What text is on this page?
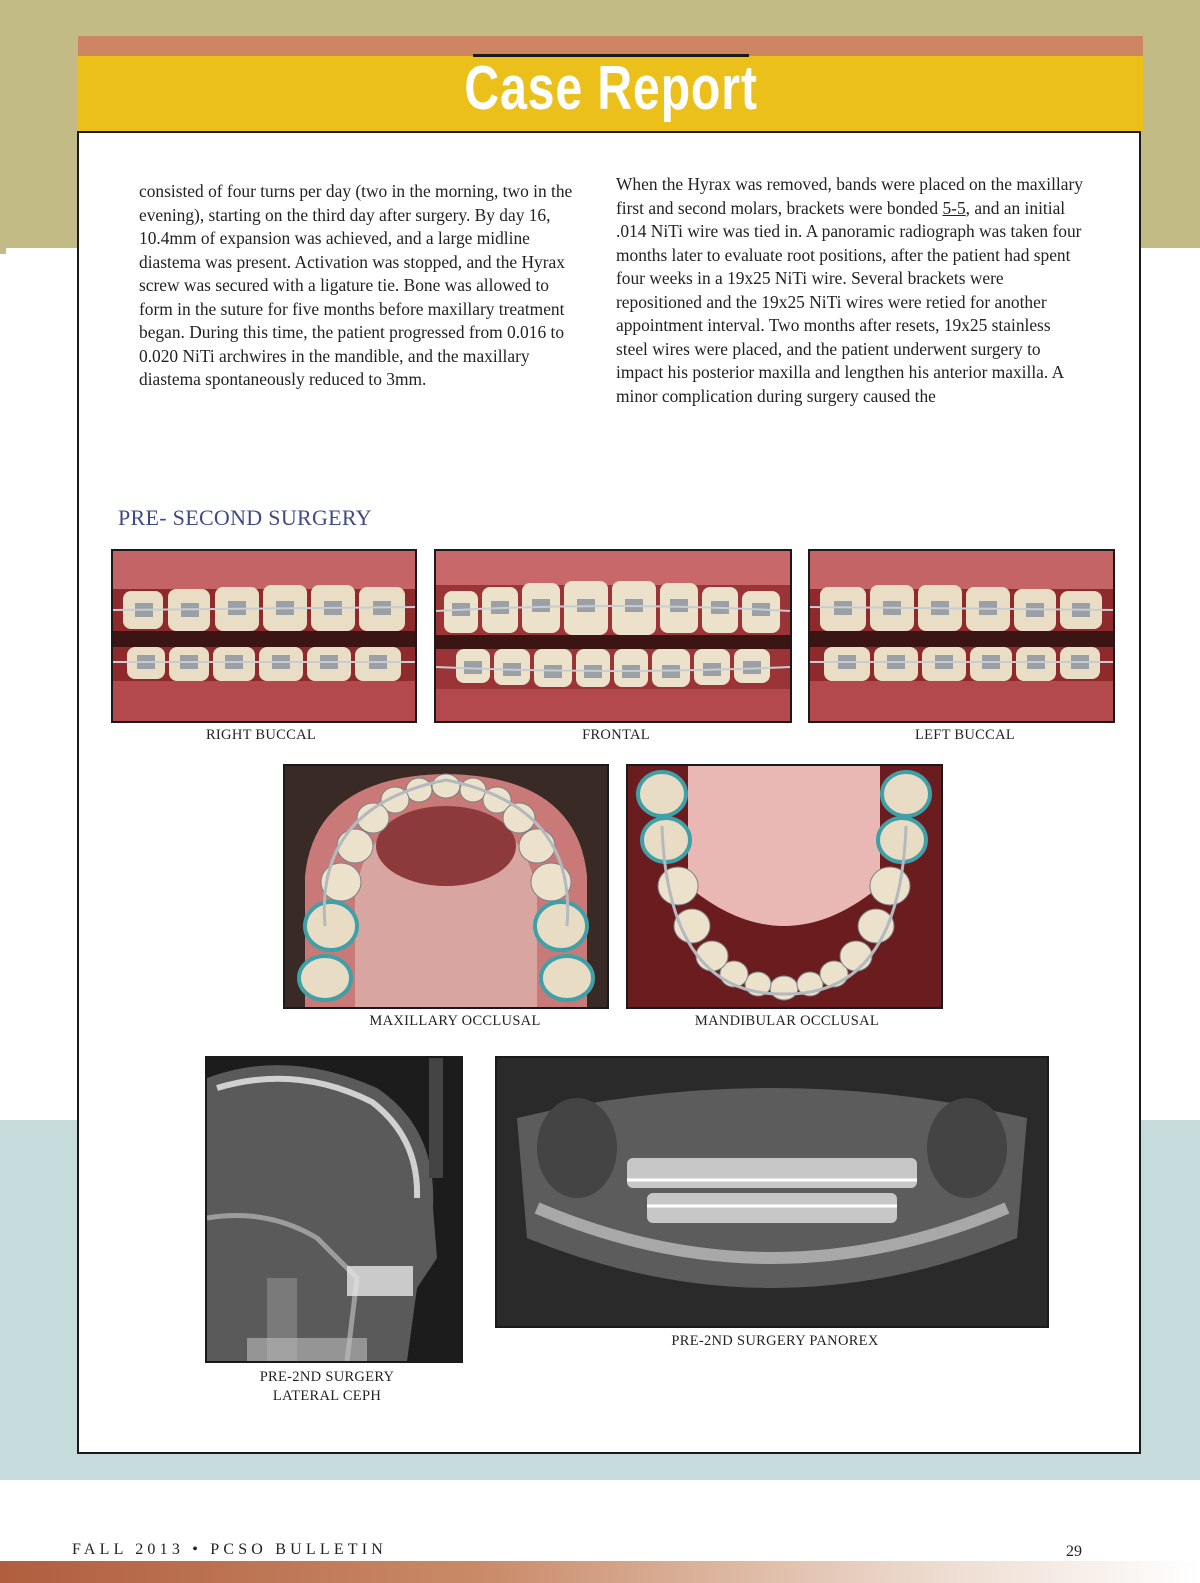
Case Report

consisted of four turns per day (two in the morning, two in the evening), starting on the third day after surgery. By day 16, 10.4mm of expansion was achieved, and a large midline diastema was present. Activation was stopped, and the Hyrax screw was secured with a ligature tie. Bone was allowed to form in the suture for five months before maxillary treatment began. During this time, the patient progressed from 0.016 to 0.020 NiTi archwires in the mandible, and the maxillary diastema spontaneously reduced to 3mm.

When the Hyrax was removed, bands were placed on the maxillary first and second molars, brackets were bonded 5-5, and an initial .014 NiTi wire was tied in. A panoramic radiograph was taken four months later to evaluate root positions, after the patient had spent four weeks in a 19x25 NiTi wire. Several brackets were repositioned and the 19x25 NiTi wires were retied for another appointment interval. Two months after resets, 19x25 stainless steel wires were placed, and the patient underwent surgery to impact his posterior maxilla and lengthen his anterior maxilla. A minor complication during surgery caused the

PRE- SECOND SURGERY
RIGHT BUCCAL	FRONTAL	LEFT BUCCAL
MAXILLARY OCCLUSAL	MANDIBULAR OCCLUSAL
PRE-2ND SURGERY
LATERAL CEPH
PRE-2ND SURGERY PANOREX
FALL 2013 • PCSO BULLETIN	29
